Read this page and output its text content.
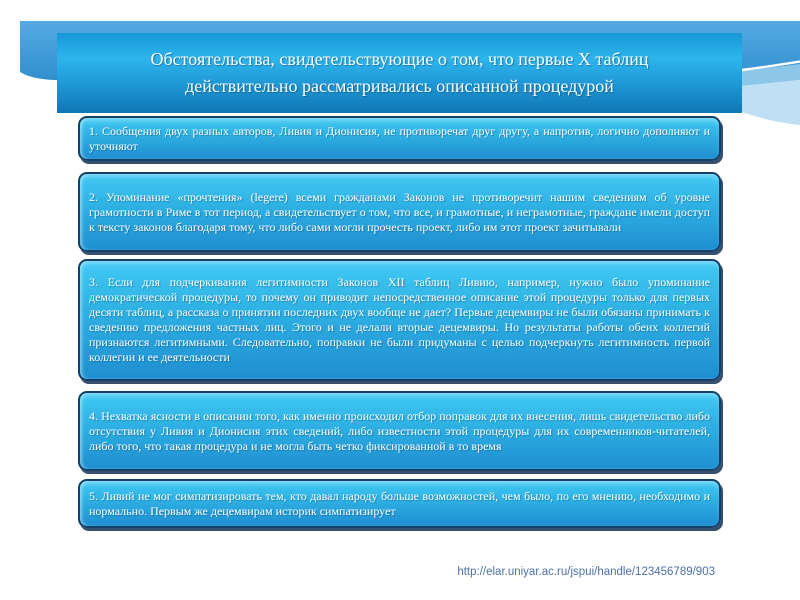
Обстоятельства, свидетельствующие о том, что первые X таблиц
действительно рассматривались описанной процедурой
1. Сообщения двух разных авторов, Ливия и Дионисия, не противоречат друг другу, а напротив, логично дополняют и уточняют
2. Упоминание «прочтения» (legere) всеми гражданами Законов не противоречит нашим сведениям об уровне грамотности в Риме в тот период, а свидетельствует о том, что все, и грамотные, и неграмотные, граждане имели доступ к тексту законов благодаря тому, что либо сами могли прочесть проект, либо им этот проект зачитывали
3. Если для подчеркивания легитимности Законов XII таблиц Ливию, например, нужно было упоминание демократической процедуры, то почему он приводит непосредственное описание этой процедуры только для первых десяти таблиц, а рассказа о принятии последних двух вообще не дает? Первые децемвиры не были обязаны принимать к сведению предложения частных лиц. Этого и не делали вторые децемвиры. Но результаты работы обеих коллегий признаются легитимными. Следовательно, поправки не были придуманы с целью подчеркнуть легитимность первой коллегии и ее деятельности
4. Нехватка ясности в описании того, как именно происходил отбор поправок для их внесения, лишь свидетельство либо отсутствия у Ливия и Дионисия этих сведений, либо известности этой процедуры для их современников-читателей, либо того, что такая процедура и не могла быть четко фиксированной в то время
5. Ливий не мог симпатизировать тем, кто давал народу больше возможностей, чем было, по его мнению, необходимо и нормально. Первым же децемвирам историк симпатизирует
http://elar.uniyar.ac.ru/jspui/handle/123456789/903
